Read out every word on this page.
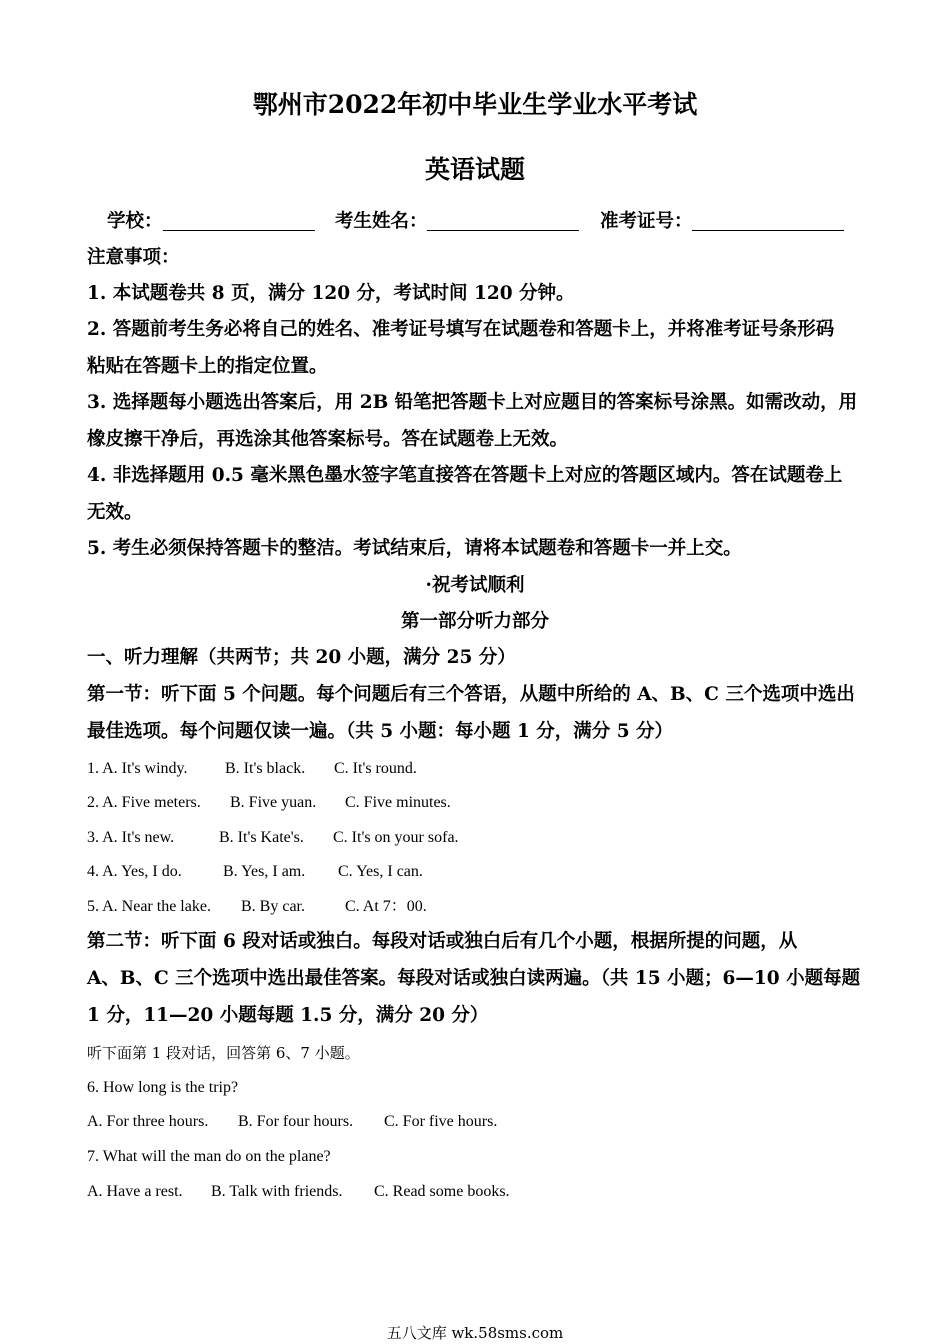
鄂州市2022年初中毕业生学业水平考试
英语试题
学校：	考生姓名：	准考证号：
注意事项：
1. 本试题卷共 8 页，满分 120 分，考试时间 120 分钟。
2. 答题前考生务必将自己的姓名、准考证号填写在试题卷和答题卡上，并将准考证号条形码
粘贴在答题卡上的指定位置。
3. 选择题每小题选出答案后，用 2B 铅笔把答题卡上对应题目的答案标号涂黑。如需改动，用
橡皮擦干净后，再选涂其他答案标号。答在试题卷上无效。
4. 非选择题用 0.5 毫米黑色墨水签字笔直接答在答题卡上对应的答题区域内。答在试题卷上
无效。
5. 考生必须保持答题卡的整洁。考试结束后，请将本试题卷和答题卡一并上交。
·祝考试顺利
第一部分听力部分
一、听力理解（共两节；共 20 小题，满分 25 分）
第一节：听下面 5 个问题。每个问题后有三个答语，从题中所给的 A、B、C 三个选项中选出
最佳选项。每个问题仅读一遍。（共 5 小题：每小题 1 分，满分 5 分）
1. A. It's windy. B. It's black. C. It's round.
2. A. Five meters. B. Five yuan. C. Five minutes.
3. A. It's new.	B. It's Kate's. C. It's on your sofa.
4. A. Yes, I do.	B. Yes, I am. C. Yes, I can.
5. A. Near the lake. B. By car.	C. At 7：00.
第二节：听下面 6 段对话或独白。每段对话或独白后有几个小题，根据所提的问题，从
A、B、C 三个选项中选出最佳答案。每段对话或独白读两遍。（共 15 小题；6—10 小题每题
1 分，11—20 小题每题 1.5 分，满分 20 分）
听下面第 1 段对话，回答第 6、7 小题。
6. How long is the trip?
A. For three hours. B. For four hours. C. For five hours.
7. What will the man do on the plane?
A. Have a rest. B. Talk with friends. C. Read some books.
五八文库 wk.58sms.com
